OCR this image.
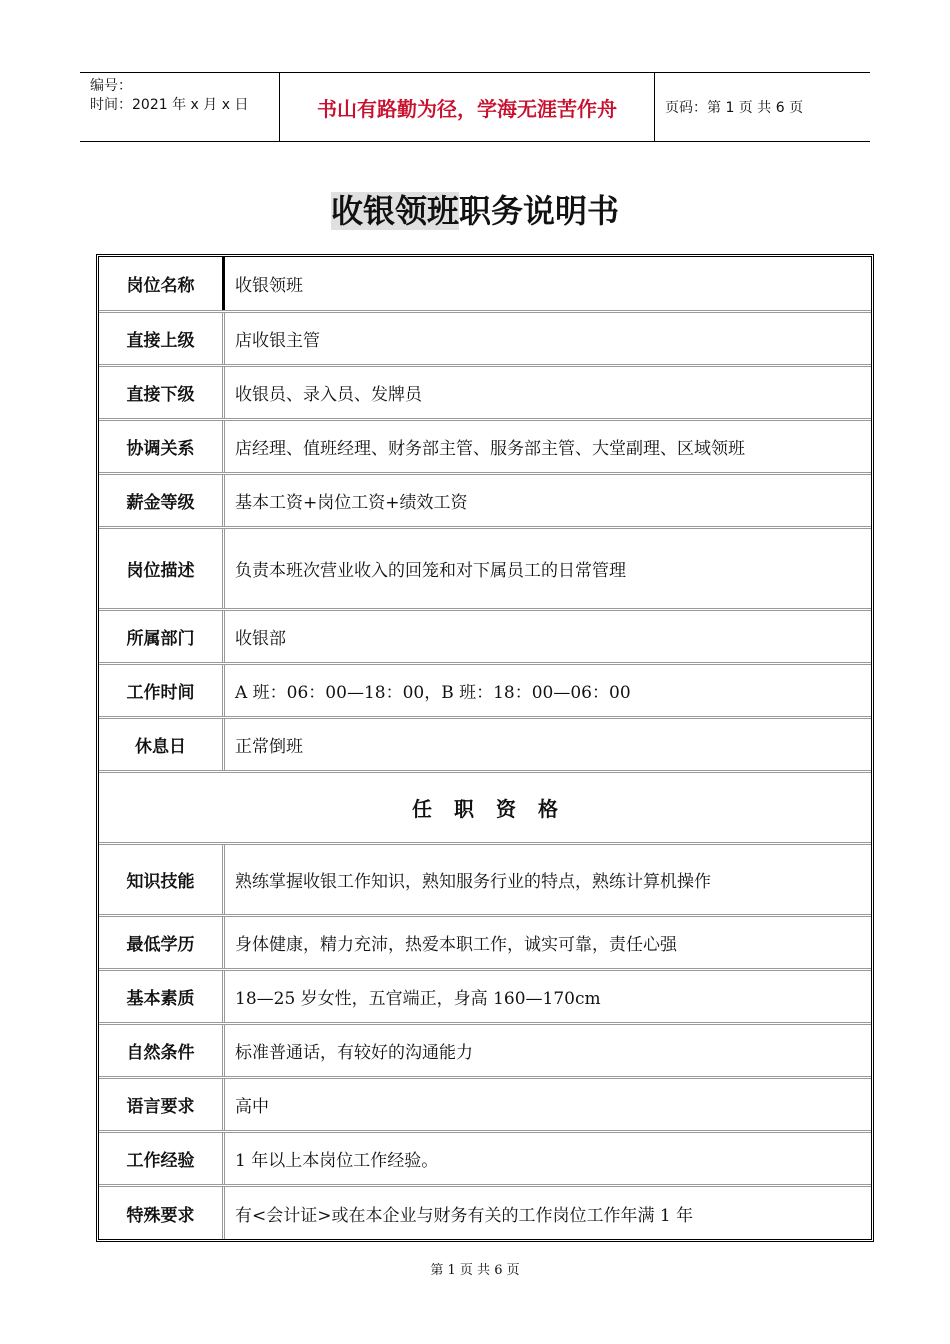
编号：
时间：2021 年 x 月 x 日	书山有路勤为径，学海无涯苦作舟	页码：第 1 页 共 6 页
收银领班职务说明书
岗位名称	收银领班
直接上级	店收银主管
直接下级	收银员、录入员、发牌员
协调关系	店经理、值班经理、财务部主管、服务部主管、大堂副理、区域领班
薪金等级	基本工资+岗位工资+绩效工资
岗位描述	负责本班次营业收入的回笼和对下属员工的日常管理
所属部门	收银部
工作时间	A 班：06：00—18：00，B 班：18：00—06：00
休息日	正常倒班
任职资格
知识技能	熟练掌握收银工作知识，熟知服务行业的特点，熟练计算机操作
最低学历	身体健康，精力充沛，热爱本职工作，诚实可靠，责任心强
基本素质	18—25 岁女性，五官端正，身高 160—170cm
自然条件	标准普通话，有较好的沟通能力
语言要求	高中
工作经验	1 年以上本岗位工作经验。
特殊要求	有<会计证>或在本企业与财务有关的工作岗位工作年满 1 年
第 1 页 共 6 页
